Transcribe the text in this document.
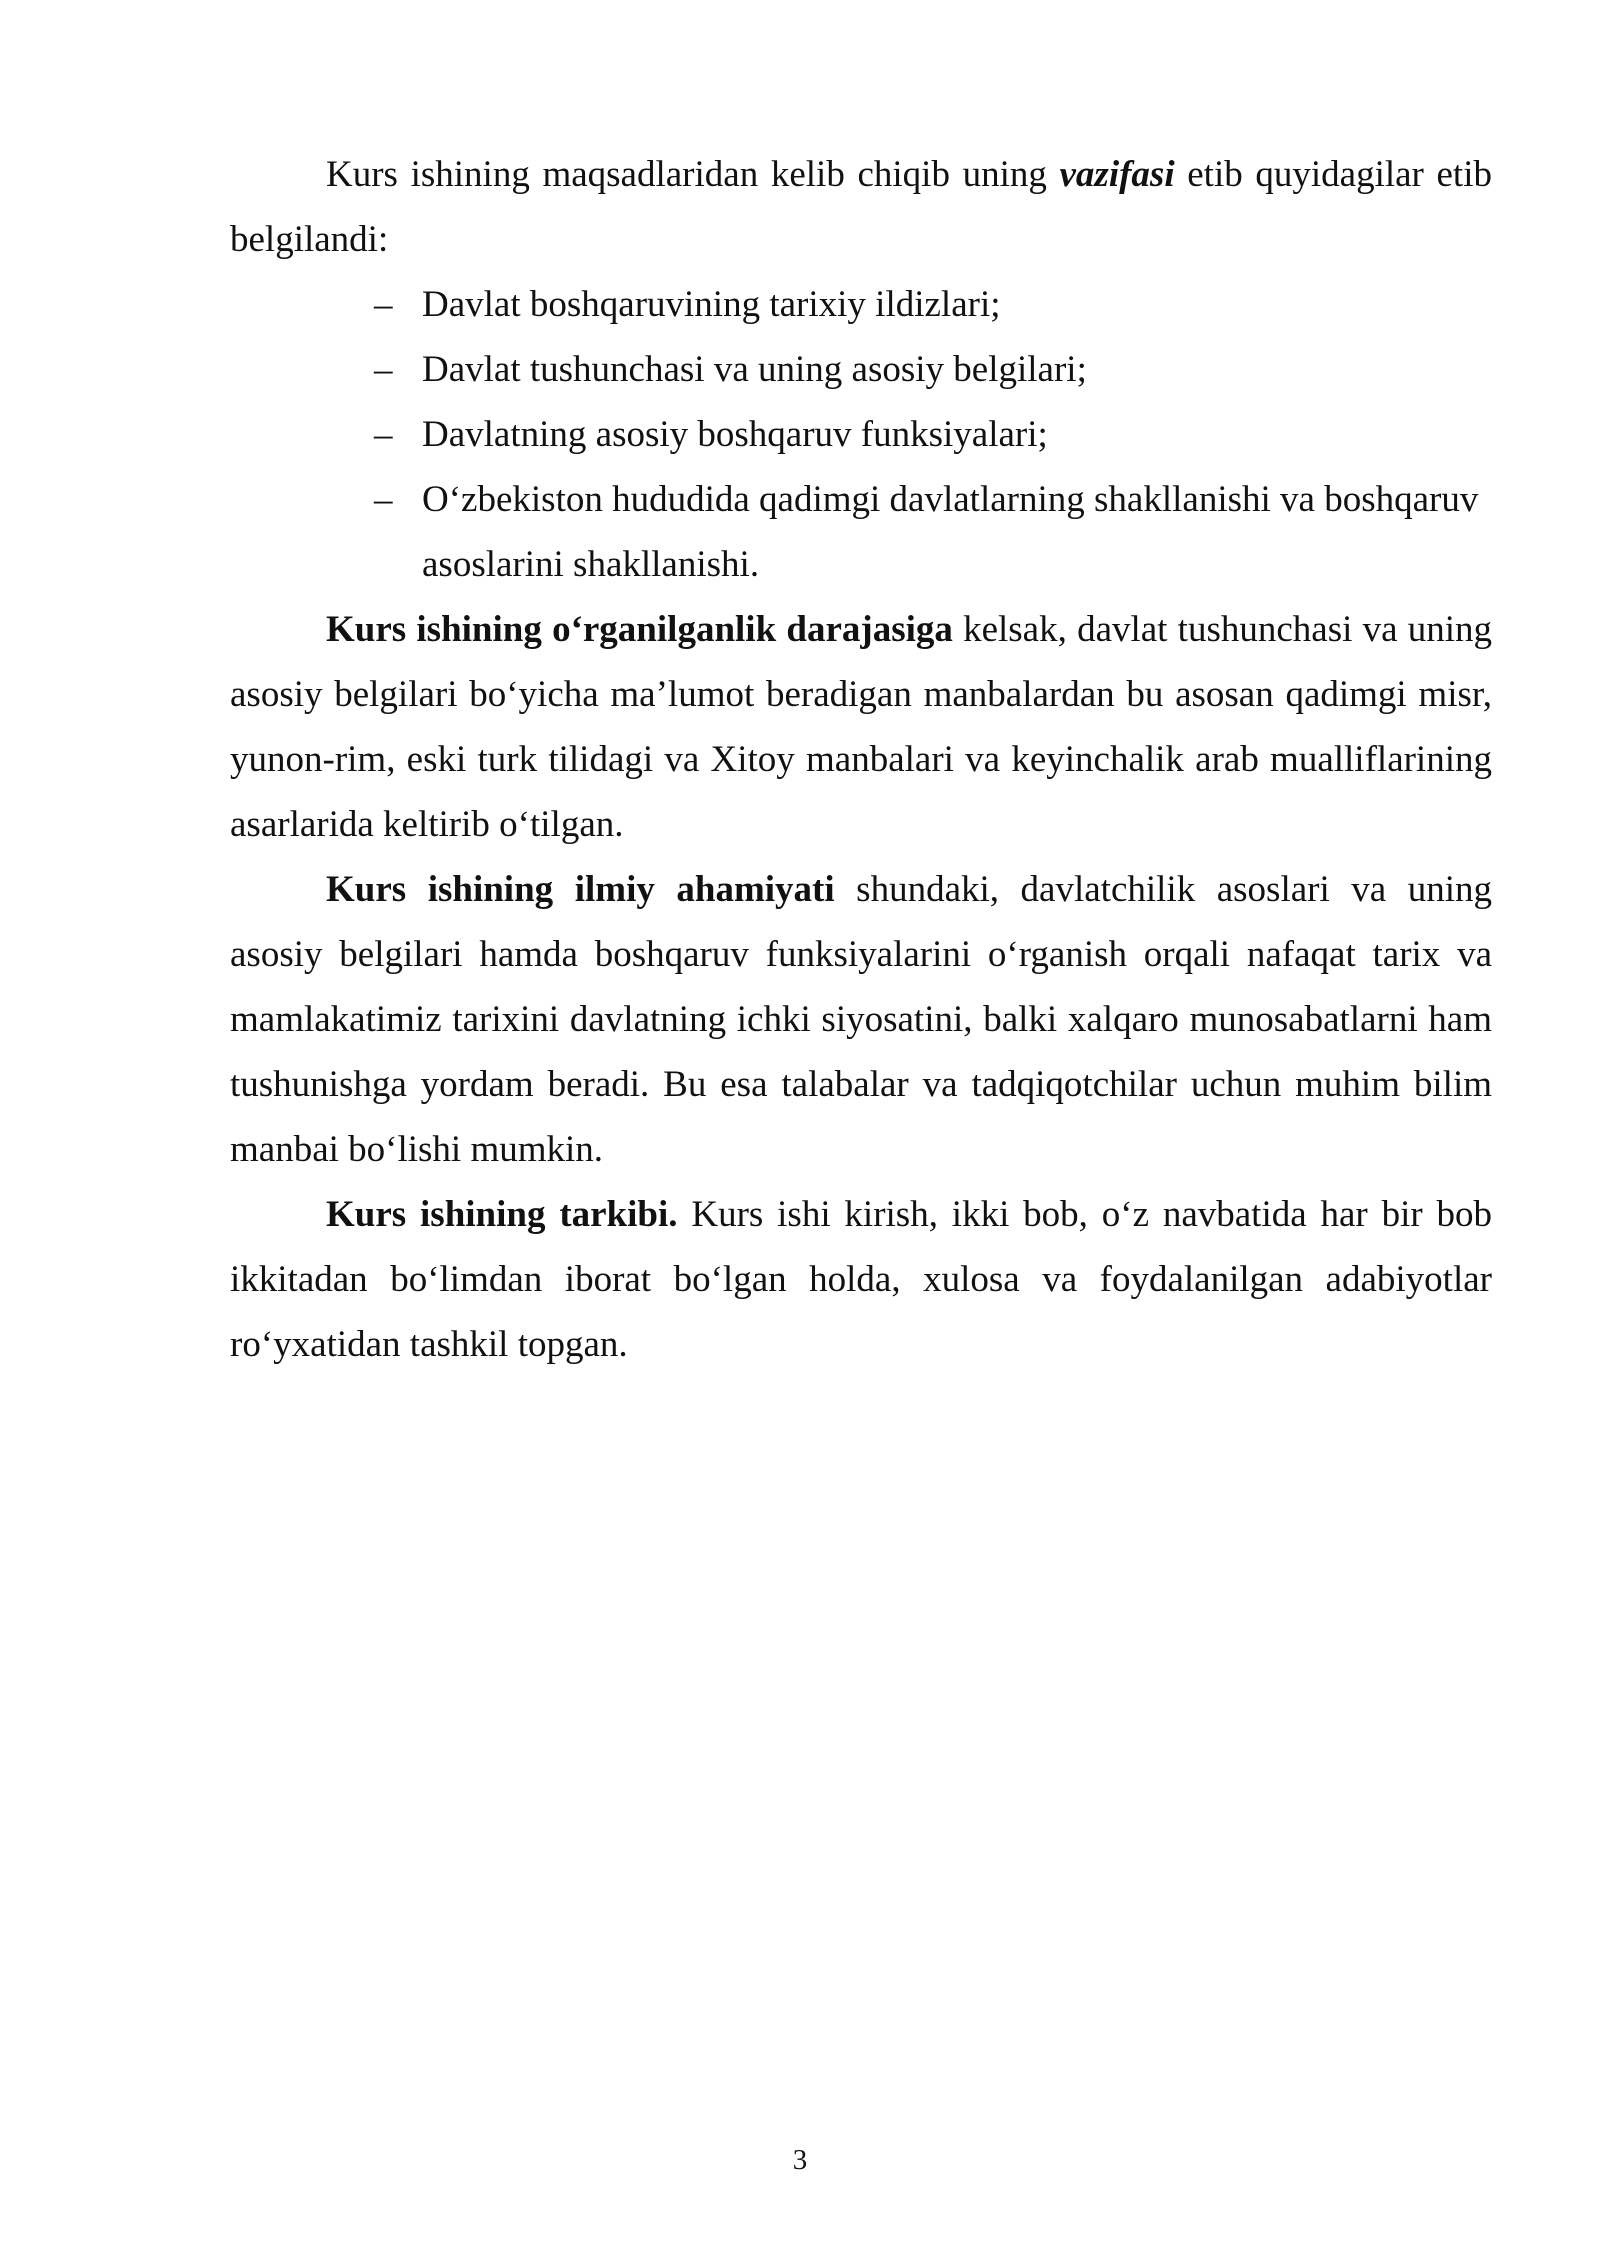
Kurs ishining maqsadlaridan kelib chiqib uning vazifasi etib quyidagilar etib belgilandi:

– Davlat boshqaruvining tarixiy ildizlari;
– Davlat tushunchasi va uning asosiy belgilari;
– Davlatning asosiy boshqaruv funksiyalari;
– O‘zbekiston hududida qadimgi davlatlarning shakllanishi va boshqaruv asoslarini shakllanishi.

Kurs ishining o‘rganilganlik darajasiga kelsak, davlat tushunchasi va uning asosiy belgilari bo‘yicha ma’lumot beradigan manbalardan bu asosan qadimgi misr, yunon-rim, eski turk tilidagi va Xitoy manbalari va keyinchalik arab mualliflarining asarlarida keltirib o‘tilgan.

Kurs ishining ilmiy ahamiyati shundaki, davlatchilik asoslari va uning asosiy belgilari hamda boshqaruv funksiyalarini o‘rganish orqali nafaqat tarix va mamlakatimiz tarixini davlatning ichki siyosatini, balki xalqaro munosabatlarni ham tushunishga yordam beradi. Bu esa talabalar va tadqiqotchilar uchun muhim bilim manbai bo‘lishi mumkin.

Kurs ishining tarkibi. Kurs ishi kirish, ikki bob, o‘z navbatida har bir bob ikkitadan bo‘limdan iborat bo‘lgan holda, xulosa va foydalanilgan adabiyotlar ro‘yxatidan tashkil topgan.

3
